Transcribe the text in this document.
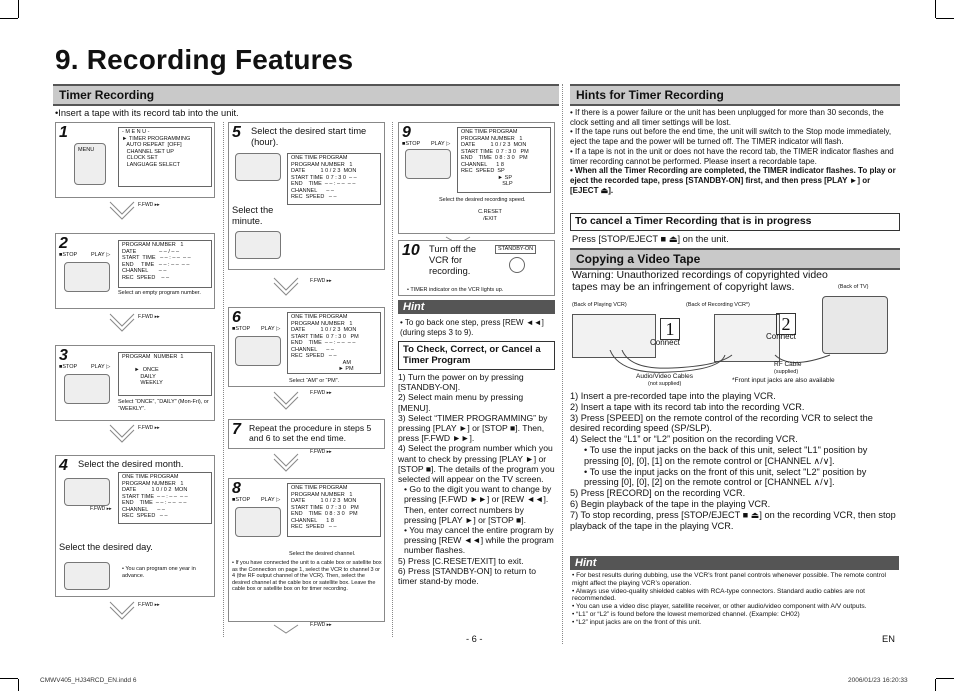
9. Recording Features
Timer Recording	Hints for Timer Recording
•Insert a tape with its record tab into the unit.
1
MENU
- M E N U -
► TIMER PROGRAMMING
AUTO REPEAT  [OFF]
CHANNEL SET UP
CLOCK SET
LANGUAGE SELECT
F.FWD ▸▸
2
■STOP	PLAY ▷
PROGRAM NUMBER   1
DATE               – – / – –
START  TIME   – – : – –  – –
END     TIME   – – : – –  – –
CHANNEL       – –
REC  SPEED    – –
Select an empty program number.
F.FWD ▸▸
3
■STOP	PLAY ▷
PROGRAM  NUMBER  1

►  ONCE
DAILY
WEEKLY
Select “ONCE”, “DAILY” (Mon-Fri), or “WEEKLY”.
F.FWD ▸▸
4 Select the desired month.
ONE TIME PROGRAM
PROGRAM NUMBER   1
DATE          1 0 / 0 2  MON
START TIME  – – : – –  – –
END    TIME  – – : – –  – –
CHANNEL      – –
REC  SPEED   – –
F.FWD ▸▸
Select the desired day.
• You can program one year in advance.
F.FWD ▸▸
5 Select the desired start time (hour).
ONE TIME PROGRAM
PROGRAM NUMBER   1
DATE          1 0 / 2 3  MON
START TIME  0 7 : 3 0  – –
END    TIME  – – : – –  – –
CHANNEL      – –
REC  SPEED   – –
Select the minute.
F.FWD ▸▸
6
■STOP PLAY ▷
ONE TIME PROGRAM
PROGRAM NUMBER   1
DATE          1 0 / 2 3  MON
START TIME  0 7 : 3 0   PM
END    TIME  – – : – –  – –
CHANNEL      – –
REC  SPEED   – –
AM
► PM
Select “AM” or “PM”.
F.FWD ▸▸
7 Repeat the procedure in steps 5 and 6 to set the end time.
F.FWD ▸▸
8
■STOP PLAY ▷
ONE TIME PROGRAM
PROGRAM NUMBER   1
DATE          1 0 / 2 3  MON
START TIME  0 7 : 3 0   PM
END    TIME  0 8 : 3 0   PM
CHANNEL      1 8
REC  SPEED   – –
Select the desired channel.
• If you have connected the unit to a cable box or satellite box as the Connection on page 1, select the VCR to channel 3 or 4 (the RF output channel of the VCR). Then, select the desired channel at the cable box or satellite box. Leave the cable box or satellite box on for timer recording.
F.FWD ▸▸
9
■STOP PLAY ▷
ONE TIME PROGRAM
PROGRAM NUMBER   1
DATE          1 0 / 2 3  MON
START TIME  0 7 : 3 0   PM
END    TIME  0 8 : 3 0   PM
CHANNEL      1 8
REC  SPEED  SP
► SP
SLP
Select the desired recording speed.
C.RESET /EXIT
10 Turn off the VCR for recording.
STANDBY-ON
• TIMER indicator on the VCR lights up.
Hint
• To go back one step, press [REW ◄◄] (during steps 3 to 9).
To Check, Correct, or Cancel a Timer Program
1) Turn the power on by pressing [STANDBY-ON].
2) Select main menu by pressing [MENU].
3) Select “TIMER PROGRAMMING” by pressing [PLAY ►] or [STOP ■]. Then, press [F.FWD ►►].
4) Select the program number which you want to check by pressing [PLAY ►] or [STOP ■]. The details of the program you selected will appear on the TV screen.
• Go to the digit you want to change by pressing [F.FWD ►►] or [REW ◄◄]. Then, enter correct numbers by pressing [PLAY ►] or [STOP ■].
• You may cancel the entire program by pressing [REW ◄◄] while the program number flashes.
5) Press [C.RESET/EXIT] to exit.
6) Press [STANDBY-ON] to return to timer stand-by mode.
• If there is a power failure or the unit has been unplugged for more than 30 seconds, the clock setting and all timer settings will be lost.
• If the tape runs out before the end time, the unit will switch to the Stop mode immediately, eject the tape and the power will be turned off. The TIMER indicator will flash.
• If a tape is not in the unit or does not have the record tab, the TIMER indicator flashes and timer recording cannot be performed. Please insert a recordable tape.
• When all the Timer Recording are completed, the TIMER indicator flashes. To play or eject the recorded tape, press [STANDBY-ON] first, and then press [PLAY ►] or [EJECT ⏏].
To cancel a Timer Recording that is in progress
Press [STOP/EJECT ■ ⏏] on the unit.
Copying a Video Tape
Warning: Unauthorized recordings of copyrighted video tapes may be an infringement of copyright laws.
(Back of Playing VCR)	(Back of Recording VCR*)
(Back of TV)
1
Connect
2
Connect
Audio/Video Cables
(not supplied)
RF Cable
(supplied)
*Front input jacks are also available
1) Insert a pre-recorded tape into the playing VCR.
2) Insert a tape with its record tab into the recording VCR.
3) Press [SPEED] on the remote control of the recording VCR to select the desired recording speed (SP/SLP).
4) Select the “L1” or “L2” position on the recording VCR.
• To use the input jacks on the back of this unit, select "L1" position by pressing [0], [0], [1] on the remote control or [CHANNEL ∧/∨].
• To use the input jacks on the front of this unit, select "L2" position by pressing [0], [0], [2] on the remote control or [CHANNEL ∧/∨].
5) Press [RECORD] on the recording VCR.
6) Begin playback of the tape in the playing VCR.
7) To stop recording, press [STOP/EJECT ■ ⏏] on the recording VCR, then stop playback of the tape in the playing VCR.
Hint
• For best results during dubbing, use the VCR’s front panel controls whenever possible. The remote control might affect the playing VCR’s operation.
• Always use video-quality shielded cables with RCA-type connectors. Standard audio cables are not recommended.
• You can use a video disc player, satellite receiver, or other audio/video component with A/V outputs.
• “L1” or “L2” is found before the lowest memorized channel. (Example: CH02)
• “L2” input jacks are on the front of this unit.
- 6 -	EN
CMWV405_HJ34RCD_EN.indd 6	2006/01/23 16:20:33
